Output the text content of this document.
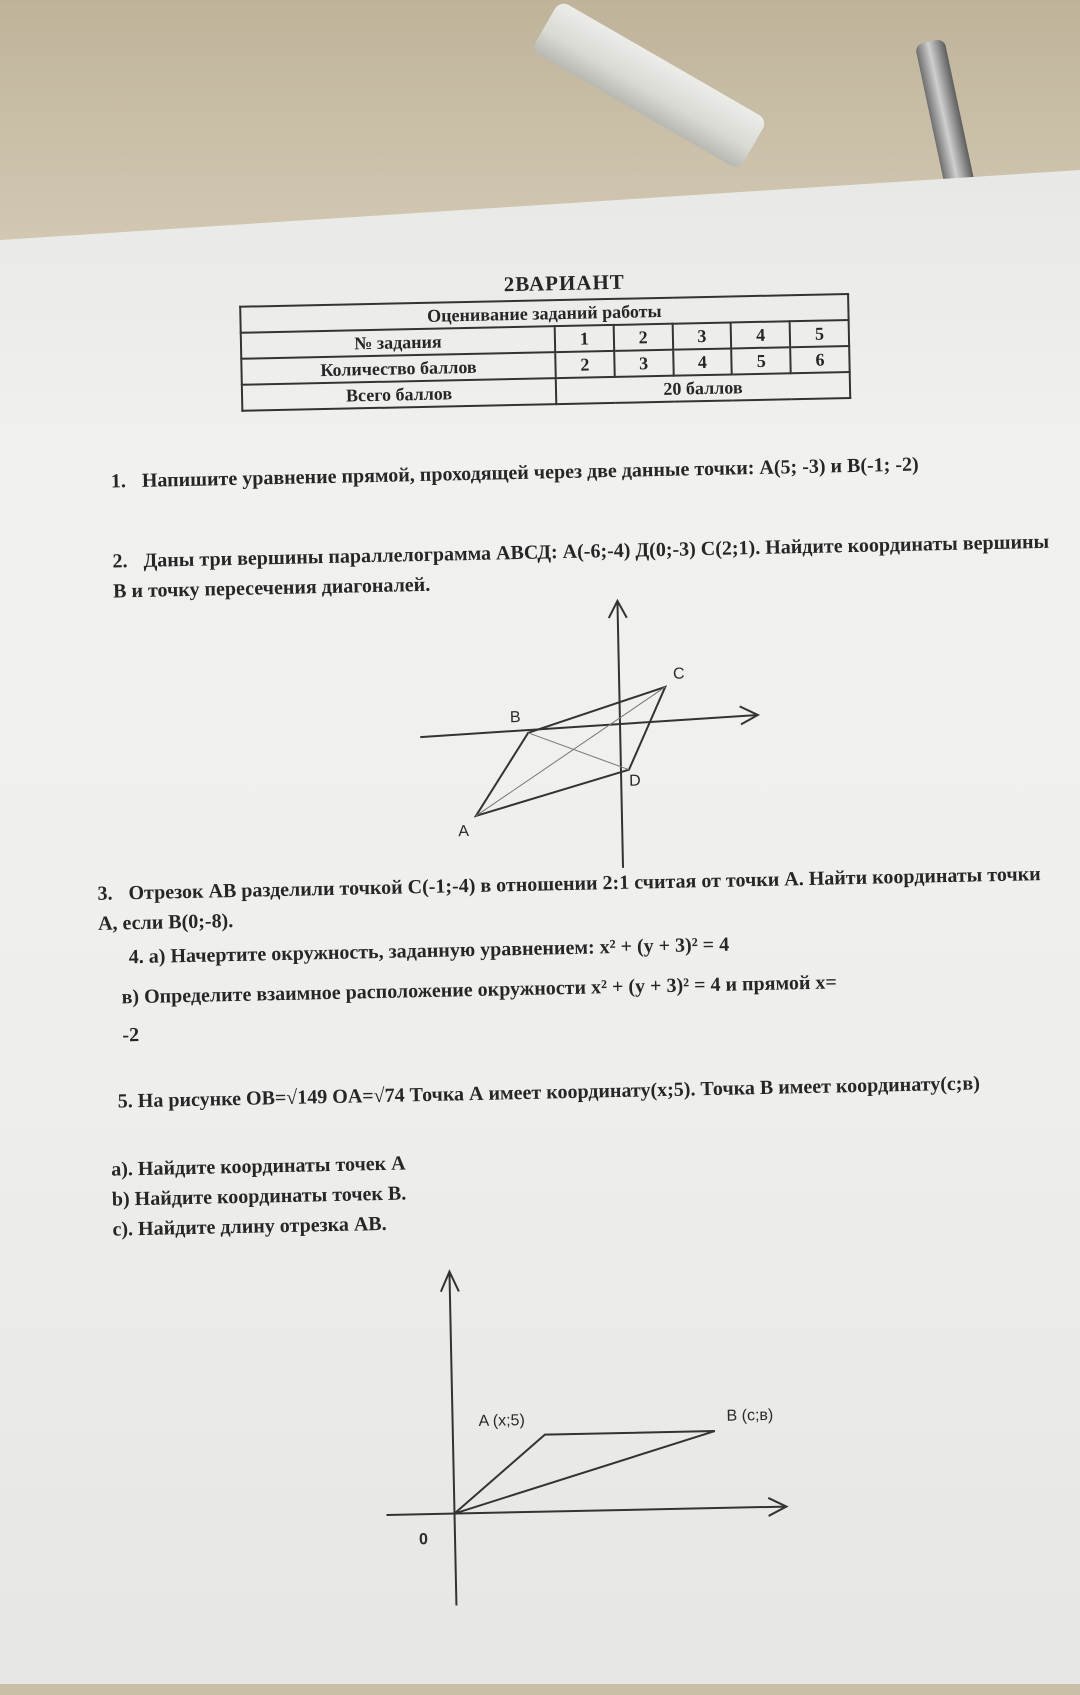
2ВАРИАНТ
Оценивание заданий работы					
№ задания	1	2	3	4	5
Количество баллов	2	3	4	5	6
Всего баллов	20 баллов				
1. Напишите уравнение прямой, проходящей через две данные точки: А(5; -3) и В(-1; -2)
2. Даны три вершины параллелограмма АВСД: А(-6;-4) Д(0;-3) С(2;1). Найдите координаты вершины В и точку пересечения диагоналей.
A
B
C
D
3. Отрезок АВ разделили точкой С(-1;-4) в отношении 2:1 считая от точки А. Найти координаты точки А, если В(0;-8).
4. а) Начертите окружность, заданную уравнением: x² + (y + 3)² = 4
в) Определите взаимное расположение окружности x² + (y + 3)² = 4 и прямой x=
-2
5. На рисунке OB=√149 OA=√74 Точка А имеет координату(х;5). Точка В имеет координату(с;в)
а). Найдите координаты точек А
b) Найдите координаты точек В.
с). Найдите длину отрезка АВ.
A (x;5)	B (c;в)
0
